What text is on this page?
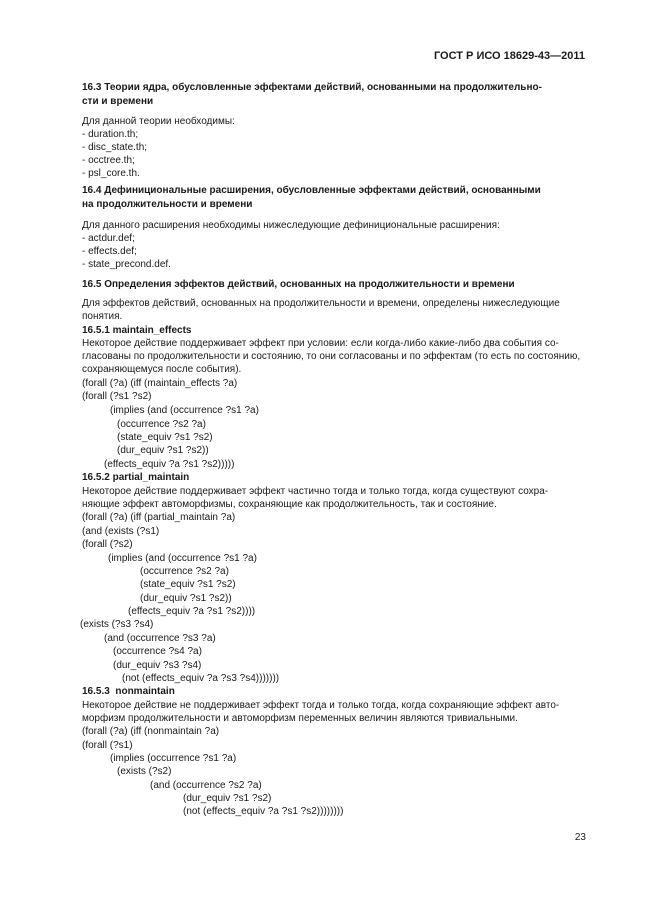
ГОСТ Р ИСО 18629-43—2011
16.3 Теории ядра, обусловленные эффектами действий, основанными на продолжительно-
сти и времени
Для данной теории необходимы:
- duration.th;
- disc_state.th;
- occtree.th;
- psl_core.th.
16.4 Дефинициональные расширения, обусловленные эффектами действий, основанными
на продолжительности и времени
Для данного расширения необходимы нижеследующие дефинициональные расширения:
- actdur.def;
- effects.def;
- state_precond.def.
16.5 Определения эффектов действий, основанных на продолжительности и времени
Для эффектов действий, основанных на продолжительности и времени, определены нижеследующие
понятия.
16.5.1 maintain_effects
Некоторое действие поддерживает эффект при условии: если когда-либо какие-либо два события со-
гласованы по продолжительности и состоянию, то они согласованы и по эффектам (то есть по состоянию,
сохраняющемуся после события).
(forall (?a) (iff (maintain_effects ?a)
(forall (?s1 ?s2)
(implies (and (occurrence ?s1 ?a)
(occurrence ?s2 ?a)
(state_equiv ?s1 ?s2)
(dur_equiv ?s1 ?s2))
(effects_equiv ?a ?s1 ?s2)))))
16.5.2 partial_maintain
Некоторое действие поддерживает эффект частично тогда и только тогда, когда существуют сохра-
няющие эффект автоморфизмы, сохраняющие как продолжительность, так и состояние.
(forall (?a) (iff (partial_maintain ?a)
(and (exists (?s1)
(forall (?s2)
(implies (and (occurrence ?s1 ?a)
(occurrence ?s2 ?a)
(state_equiv ?s1 ?s2)
(dur_equiv ?s1 ?s2))
(effects_equiv ?a ?s1 ?s2))))
(exists (?s3 ?s4)
(and (occurrence ?s3 ?a)
(occurrence ?s4 ?a)
(dur_equiv ?s3 ?s4)
(not (effects_equiv ?a ?s3 ?s4)))))))
16.5.3  nonmaintain
Некоторое действие не поддерживает эффект тогда и только тогда, когда сохраняющие эффект авто-
морфизм продолжительности и автоморфизм переменных величин являются тривиальными.
(forall (?a) (iff (nonmaintain ?a)
(forall (?s1)
(implies (occurrence ?s1 ?a)
(exists (?s2)
(and (occurrence ?s2 ?a)
(dur_equiv ?s1 ?s2)
(not (effects_equiv ?a ?s1 ?s2))))))))
23
